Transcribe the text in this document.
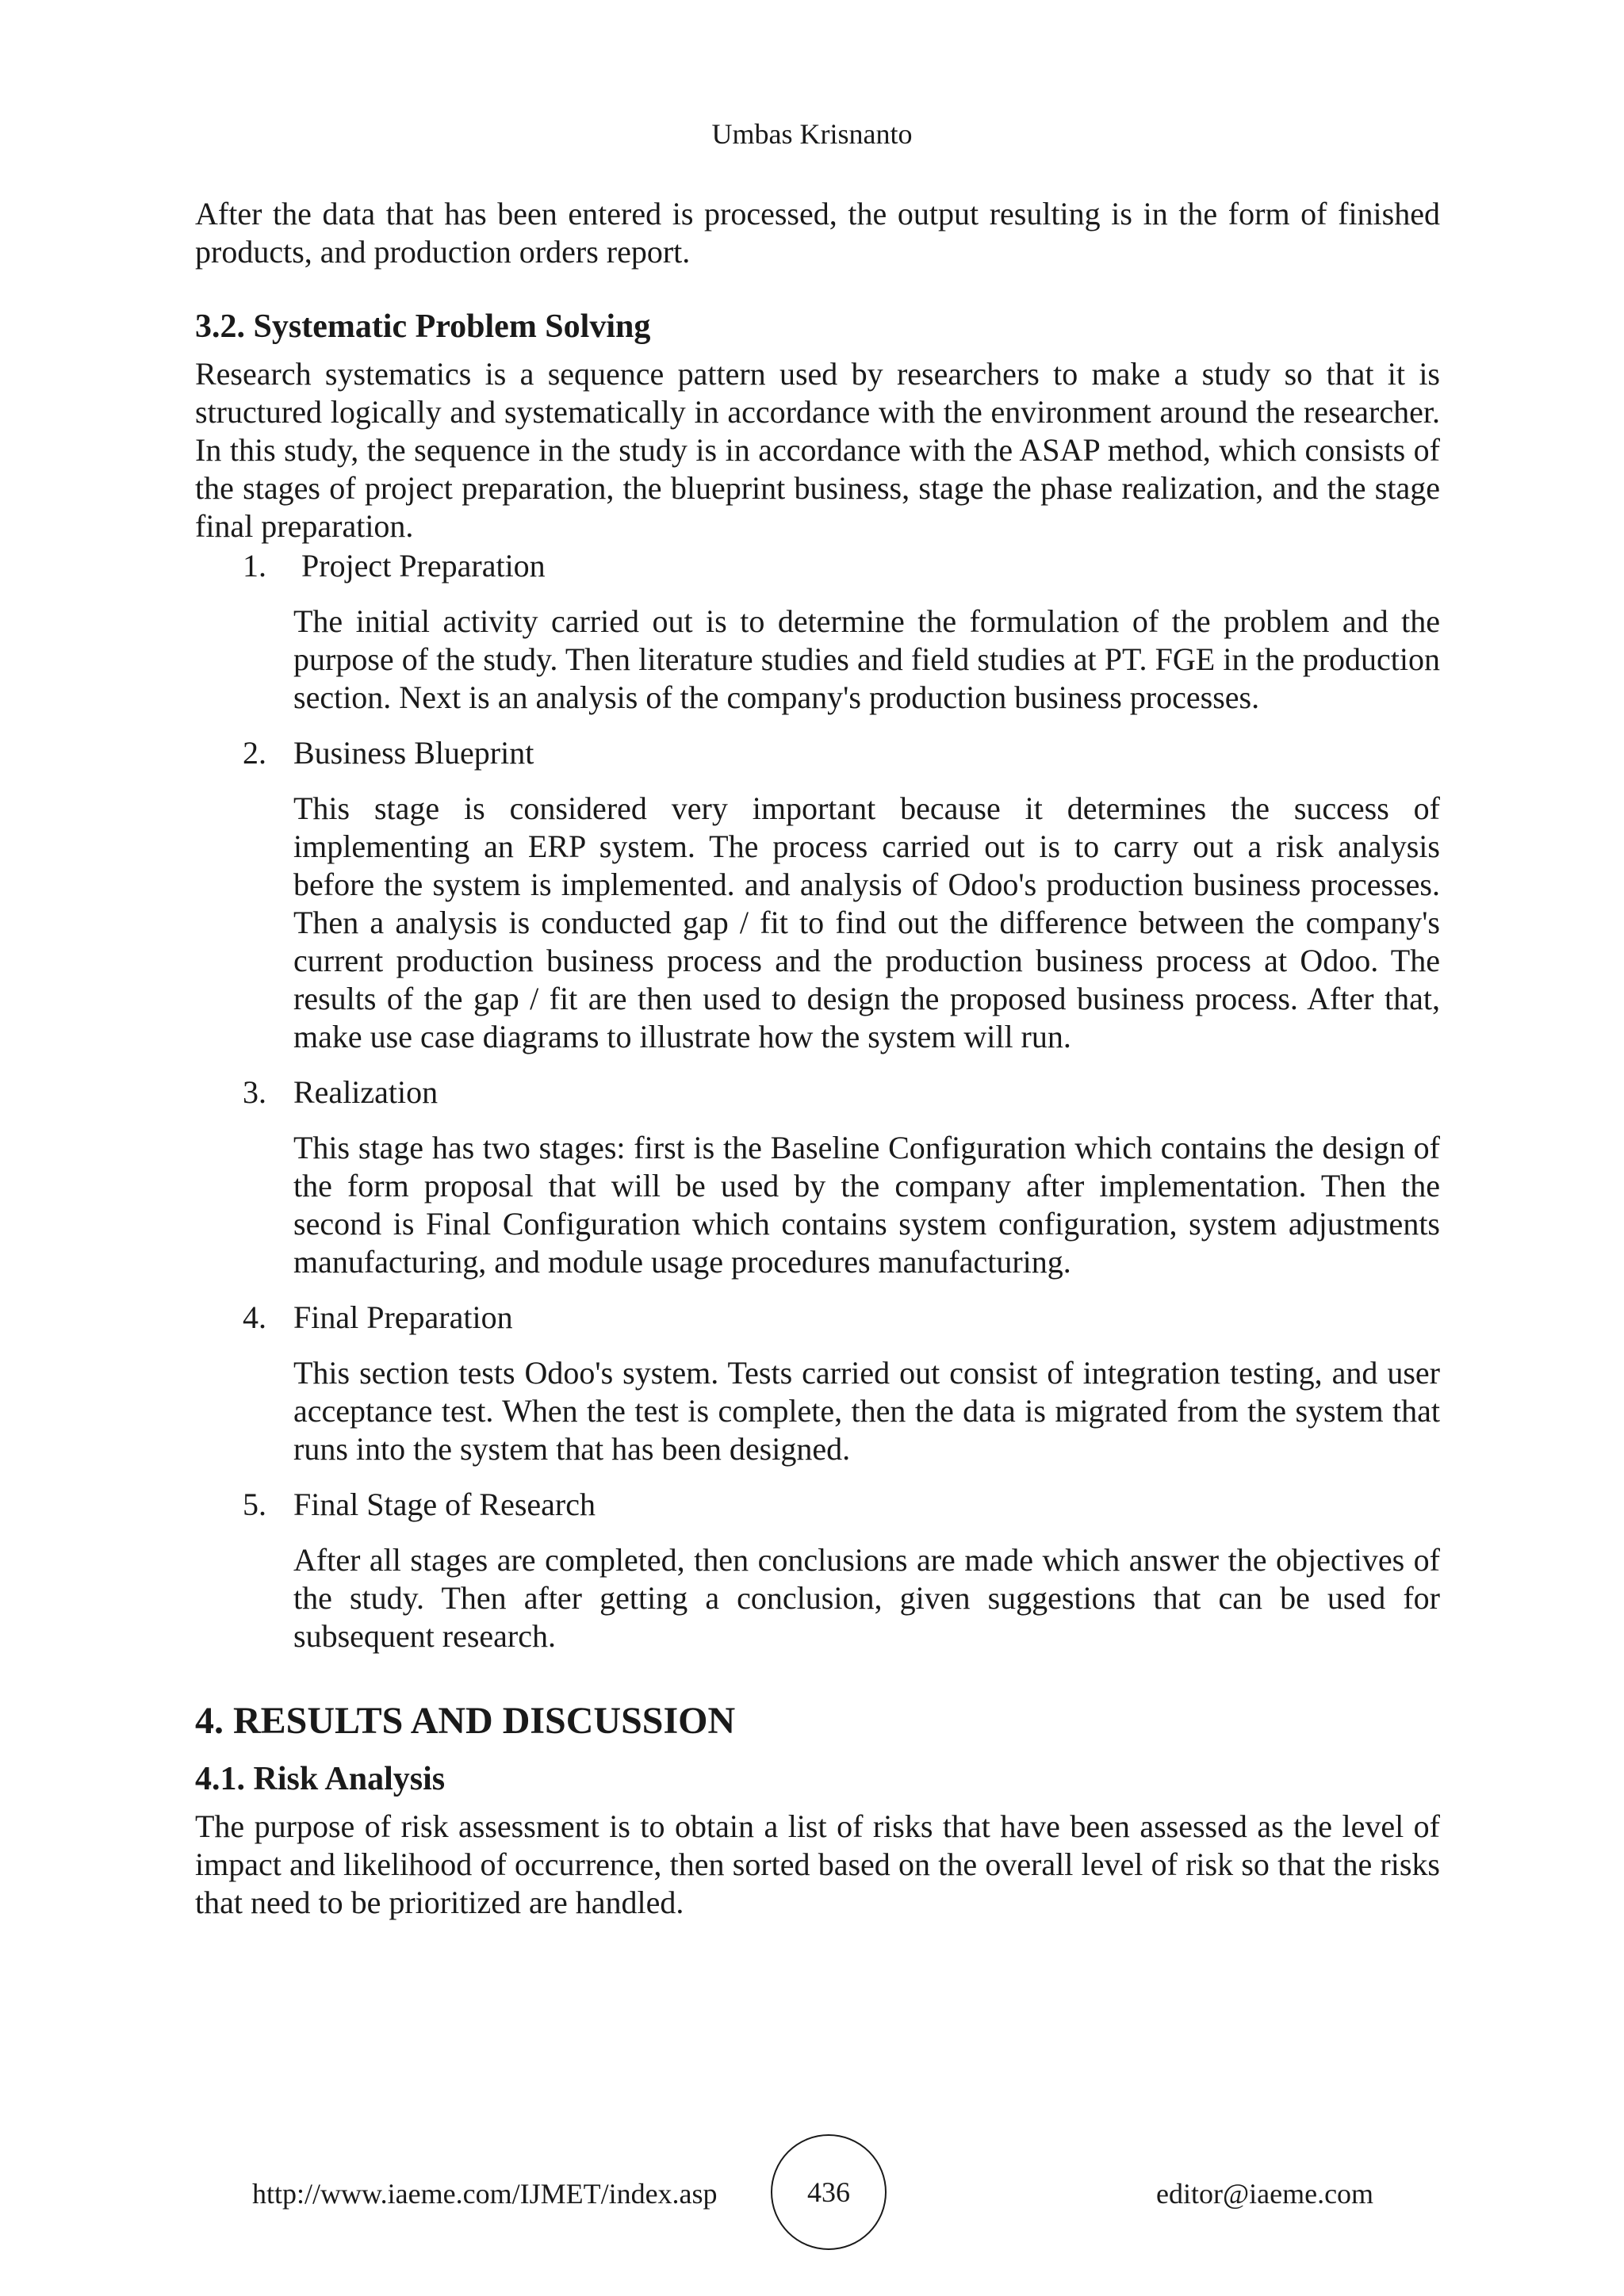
Umbas Krisnanto

After the data that has been entered is processed, the output resulting is in the form of finished products, and production orders report.

3.2. Systematic Problem Solving

Research systematics is a sequence pattern used by researchers to make a study so that it is structured logically and systematically in accordance with the environment around the researcher. In this study, the sequence in the study is in accordance with the ASAP method, which consists of the stages of project preparation, the blueprint business, stage the phase realization, and the stage final preparation.

1. Project Preparation

The initial activity carried out is to determine the formulation of the problem and the purpose of the study. Then literature studies and field studies at PT. FGE in the production section. Next is an analysis of the company's production business processes.

2. Business Blueprint

This stage is considered very important because it determines the success of implementing an ERP system. The process carried out is to carry out a risk analysis before the system is implemented. and analysis of Odoo's production business processes. Then a analysis is conducted gap / fit to find out the difference between the company's current production business process and the production business process at Odoo. The results of the gap / fit are then used to design the proposed business process. After that, make use case diagrams to illustrate how the system will run.

3. Realization

This stage has two stages: first is the Baseline Configuration which contains the design of the form proposal that will be used by the company after implementation. Then the second is Final Configuration which contains system configuration, system adjustments manufacturing, and module usage procedures manufacturing.

4. Final Preparation

This section tests Odoo's system. Tests carried out consist of integration testing, and user acceptance test. When the test is complete, then the data is migrated from the system that runs into the system that has been designed.

5. Final Stage of Research

After all stages are completed, then conclusions are made which answer the objectives of the study. Then after getting a conclusion, given suggestions that can be used for subsequent research.

4. RESULTS AND DISCUSSION
4.1. Risk Analysis

The purpose of risk assessment is to obtain a list of risks that have been assessed as the level of impact and likelihood of occurrence, then sorted based on the overall level of risk so that the risks that need to be prioritized are handled.

http://www.iaeme.com/IJMET/index.asp	436	editor@iaeme.com
